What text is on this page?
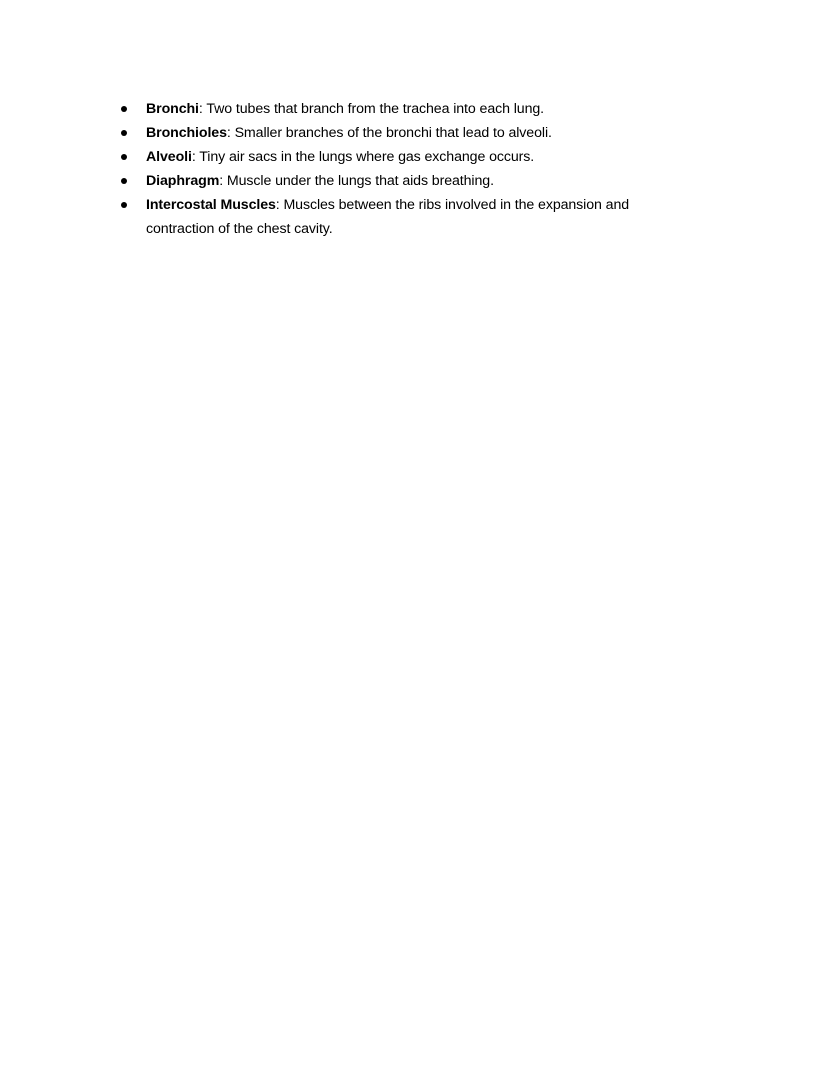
Bronchi: Two tubes that branch from the trachea into each lung.
Bronchioles: Smaller branches of the bronchi that lead to alveoli.
Alveoli: Tiny air sacs in the lungs where gas exchange occurs.
Diaphragm: Muscle under the lungs that aids breathing.
Intercostal Muscles: Muscles between the ribs involved in the expansion and contraction of the chest cavity.
